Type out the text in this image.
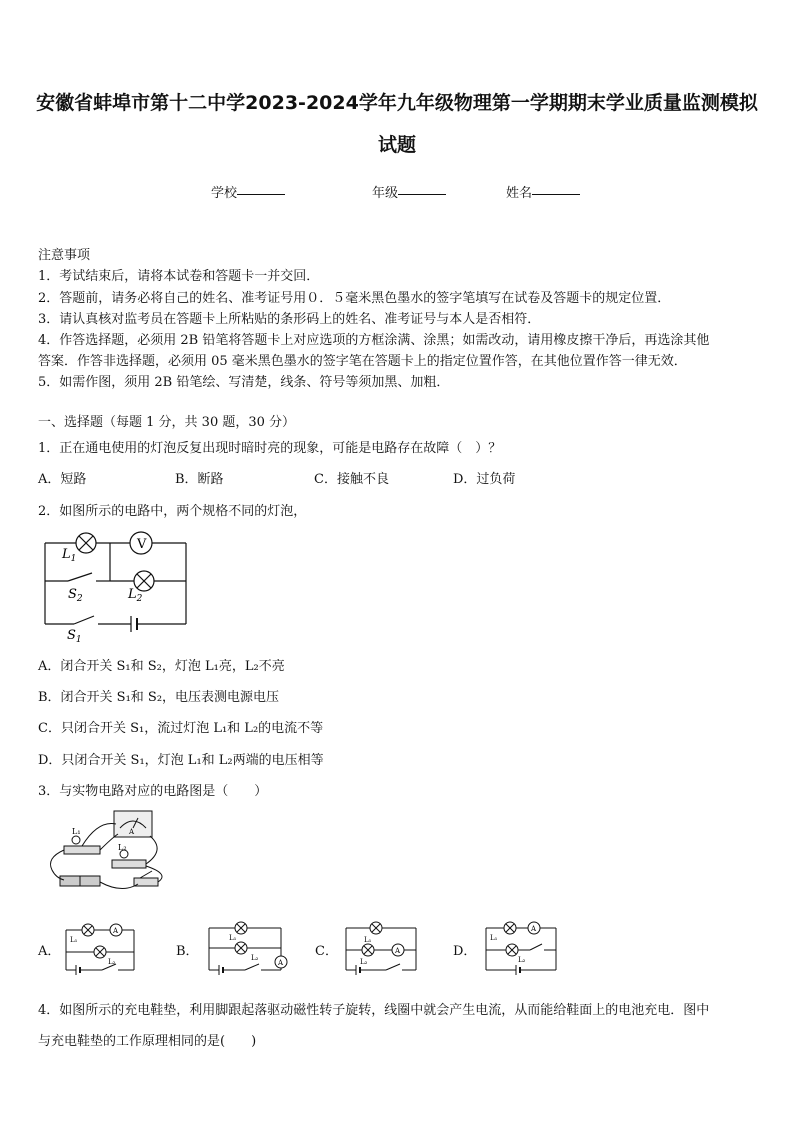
安徽省蚌埠市第十二中学2023-2024学年九年级物理第一学期期末学业质量监测模拟
试题
学校	年级	姓名
注意事项
1．考试结束后，请将本试卷和答题卡一并交回．
2．答题前，请务必将自己的姓名、准考证号用０．５毫米黑色墨水的签字笔填写在试卷及答题卡的规定位置．
3．请认真核对监考员在答题卡上所粘贴的条形码上的姓名、准考证号与本人是否相符．
4．作答选择题，必须用 2B 铅笔将答题卡上对应选项的方框涂满、涂黑；如需改动，请用橡皮擦干净后，再选涂其他
答案．作答非选择题，必须用 05 毫米黑色墨水的签字笔在答题卡上的指定位置作答，在其他位置作答一律无效．
5．如需作图，须用 2B 铅笔绘、写清楚，线条、符号等须加黑、加粗．
一、选择题（每题 1 分，共 30 题，30 分）
1．正在通电使用的灯泡反复出现时暗时亮的现象，可能是电路存在故障（　）？
A．短路	B．断路	C．接触不良	D．过负荷
2．如图所示的电路中，两个规格不同的灯泡，
V
$L_1$
$S_2$	$L_2$
$S_1$
A．闭合开关 S₁和 S₂，灯泡 L₁亮，L₂不亮
B．闭合开关 S₁和 S₂，电压表测电源电压
C．只闭合开关 S₁，流过灯泡 L₁和 L₂的电流不等
D．只闭合开关 S₁，灯泡 L₁和 L₂两端的电压相等
3．与实物电路对应的电路图是（　　）
L₁
L₂
A
A．
A
L₁
L₂
B．
A
L₁
L₂	C．	A
L₁
L₂
D．
A
L₁
L₂
4．如图所示的充电鞋垫，利用脚跟起落驱动磁性转子旋转，线圈中就会产生电流，从而能给鞋面上的电池充电．图中
与充电鞋垫的工作原理相同的是(　　)
